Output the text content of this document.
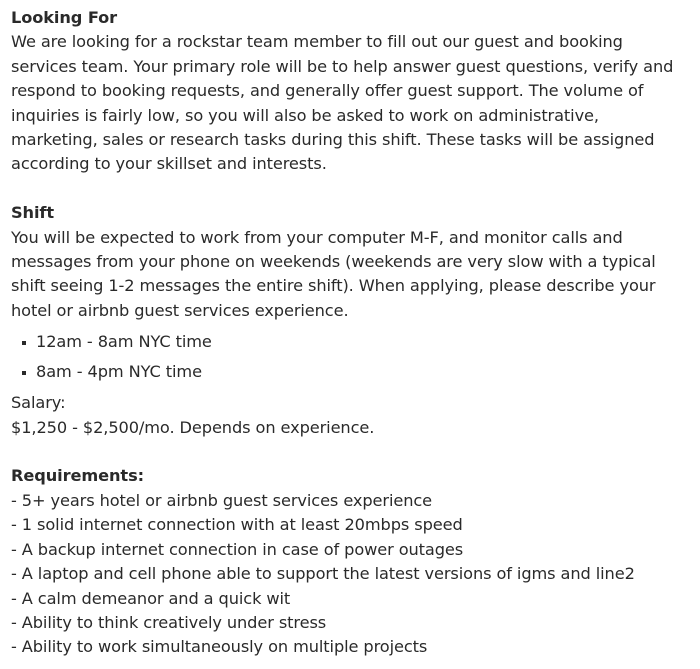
Looking For

We are looking for a rockstar team member to fill out our guest and booking services team. Your primary role will be to help answer guest questions, verify and respond to booking requests, and generally offer guest support. The volume of inquiries is fairly low, so you will also be asked to work on administrative, marketing, sales or research tasks during this shift. These tasks will be assigned according to your skillset and interests.

Shift

You will be expected to work from your computer M-F, and monitor calls and messages from your phone on weekends (weekends are very slow with a typical shift seeing 1-2 messages the entire shift). When applying, please describe your hotel or airbnb guest services experience.

12am - 8am NYC time
8am - 4pm NYC time

Salary:

$1,250 - $2,500/mo. Depends on experience.

Requirements:

- 5+ years hotel or airbnb guest services experience
- 1 solid internet connection with at least 20mbps speed
- A backup internet connection in case of power outages
- A laptop and cell phone able to support the latest versions of igms and line2
- A calm demeanor and a quick wit
- Ability to think creatively under stress
- Ability to work simultaneously on multiple projects
